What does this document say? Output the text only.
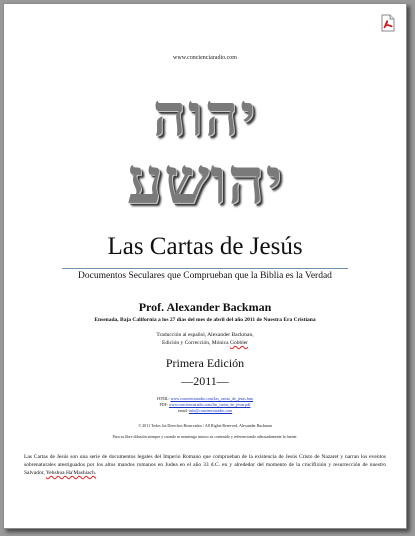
www.concienciaradio.com
יהוה
יהושע
Las Cartas de Jesús
Documentos Seculares que Comprueban que la Biblia es la Verdad
Prof. Alexander Backman
Ensenada, Baja California a los 27 días del mes de abril del año 2011 de Nuestra Era Cristiana
Traducción al español, Alexander Backman,
Edición y Corrección, Mónica Gobbler
Primera Edición
—2011—
HTML: www.concienciaradio.com/las_cartas_de_jesus.htm
PDF: www.concienciaradio.com/las_cartas_de_jesus.pdf
email: info@concienciaradio.com
© 2011 Todos los Derechos Reservados / All Rights Reserved, Alexander Backman
Para su libre difusión siempre y cuando se mantenga intacto su contenido y referenciando adecuadamente la fuente.
Las Cartas de Jesús son una serie de documentos legales del Imperio Romano que comprueban de la existencia de Jesús Cristo de Nazaret y narran los eventos sobrenaturales atestiguados por los altos mandos romanos en Judea en el año 33 d.C. en y alrededor del momento de la crucifixión y resurrección de nuestro Salvador, Yehshua Ha'Mashiach.
